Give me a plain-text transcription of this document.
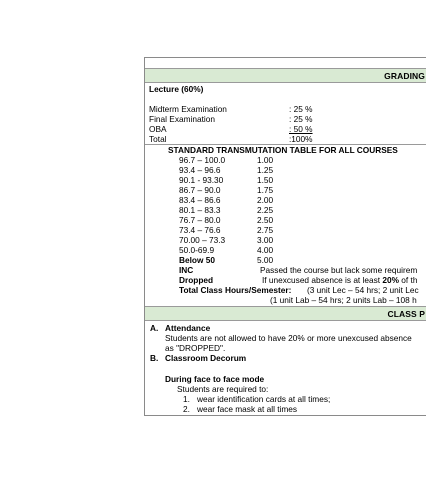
GRADING
Lecture (60%)
Midterm Examination	: 25 %
Final Examination	: 25 %
OBA	: 50 %
Total	:100%
STANDARD TRANSMUTATION TABLE FOR ALL COURSES
96.7 – 100.0	1.00
93.4 – 96.6	1.25
90.1 - 93.30	1.50
86.7 – 90.0	1.75
83.4 – 86.6	2.00
80.1 – 83.3	2.25
76.7 – 80.0	2.50
73.4 – 76.6	2.75
70.00 – 73.3	3.00
50.0-69.9	4.00
Below 50	5.00
INC	Passed the course but lack some requirem
Dropped	If unexcused absence is at least 20% of th
Total Class Hours/Semester: (3 unit Lec – 54 hrs; 2 unit Lec
(1 unit Lab – 54 hrs; 2 units Lab – 108 h
CLASS P
A. Attendance
Students are not allowed to have 20% or more unexcused absence
as "DROPPED".
B. Classroom Decorum
During face to face mode
Students are required to:
1. wear identification cards at all times;
2. wear face mask at all times
